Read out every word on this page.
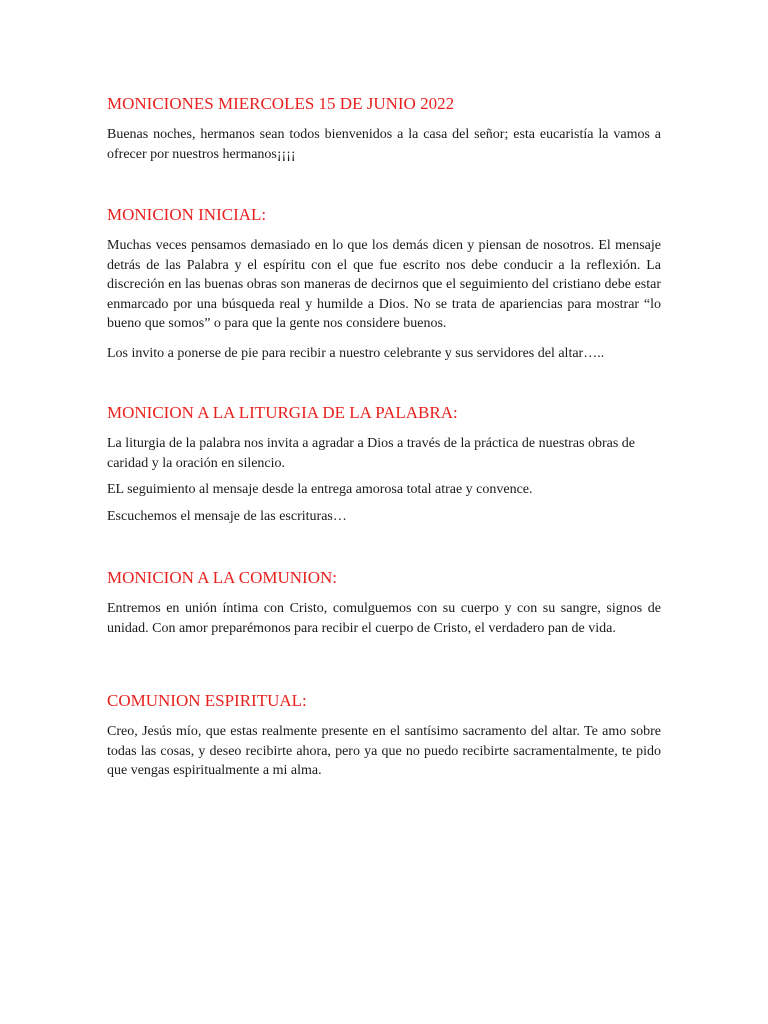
MONICIONES MIERCOLES 15 DE JUNIO 2022

Buenas noches, hermanos sean todos bienvenidos a la casa del señor; esta eucaristía la vamos a ofrecer por nuestros hermanos¡¡¡¡

MONICION INICIAL:

Muchas veces pensamos demasiado en lo que los demás dicen y piensan de nosotros. El mensaje detrás de las Palabra y el espíritu con el que fue escrito nos debe conducir a la reflexión. La discreción en las buenas obras son maneras de decirnos que el seguimiento del cristiano debe estar enmarcado por una búsqueda real y humilde a Dios. No se trata de apariencias para mostrar “lo bueno que somos” o para que la gente nos considere buenos.

Los invito a ponerse de pie para recibir a nuestro celebrante y sus servidores del altar…..

MONICION A LA LITURGIA DE LA PALABRA:

La liturgia de la palabra nos invita a agradar a Dios a través de la práctica de nuestras obras de caridad y la oración en silencio.

EL seguimiento al mensaje desde la entrega amorosa total atrae y convence.

Escuchemos el mensaje de las escrituras…

MONICION A LA COMUNION:

Entremos en unión íntima con Cristo, comulguemos con su cuerpo y con su sangre, signos de unidad. Con amor preparémonos para recibir el cuerpo de Cristo, el verdadero pan de vida.

COMUNION ESPIRITUAL:

Creo, Jesús mío, que estas realmente presente en el santísimo sacramento del altar. Te amo sobre todas las cosas, y deseo recibirte ahora, pero ya que no puedo recibirte sacramentalmente, te pido que vengas espiritualmente a mi alma.
